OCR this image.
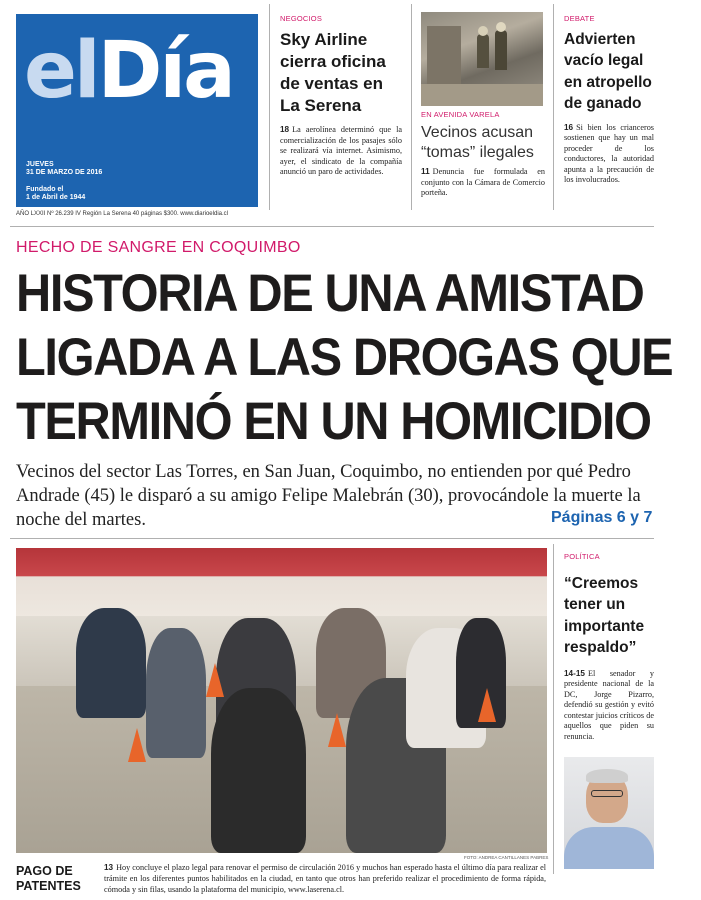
elDía
JUEVES
31 DE MARZO DE 2016
Fundado el
1 de Abril de 1944
AÑO LXXII Nº 26.239 IV Región La Serena 40 páginas $300. www.diarioeldia.cl
NEGOCIOS
Sky Airline cierra oficina de ventas en La Serena
18 La aerolínea determinó que la comercialización de los pasajes sólo se realizará vía internet. Asimismo, ayer, el sindicato de la compañía anunció un paro de actividades.
EN AVENIDA VARELA
Vecinos acusan “tomas” ilegales
11 Denuncia fue formulada en conjunto con la Cámara de Comercio porteña.
DEBATE
Advierten vacío legal en atropello de ganado
16 Si bien los crianceros sostienen que hay un mal proceder de los conductores, la autoridad apunta a la precaución de los involucrados.
HECHO DE SANGRE EN COQUIMBO
HISTORIA DE UNA AMISTAD
LIGADA A LAS DROGAS QUE
TERMINÓ EN UN HOMICIDIO
Vecinos del sector Las Torres, en San Juan, Coquimbo, no entienden por qué Pedro Andrade (45) le disparó a su amigo Felipe Malebrán (30), provocándole la muerte la noche del martes.	Páginas 6 y 7
FOTO: ANDREA CANTILLANES PABRES
PAGO DE
PATENTES
13 Hoy concluye el plazo legal para renovar el permiso de circulación 2016 y muchos han esperado hasta el último día para realizar el trámite en los diferentes puntos habilitados en la ciudad, en tanto que otros han preferido realizar el procedimiento de forma rápida, cómoda y sin filas, usando la plataforma del municipio, www.laserena.cl.
POLÍTICA
“Creemos tener un importante respaldo”
14-15 El senador y presidente nacional de la DC, Jorge Pizarro, defendió su gestión y evitó contestar juicios críticos de aquellos que piden su renuncia.
